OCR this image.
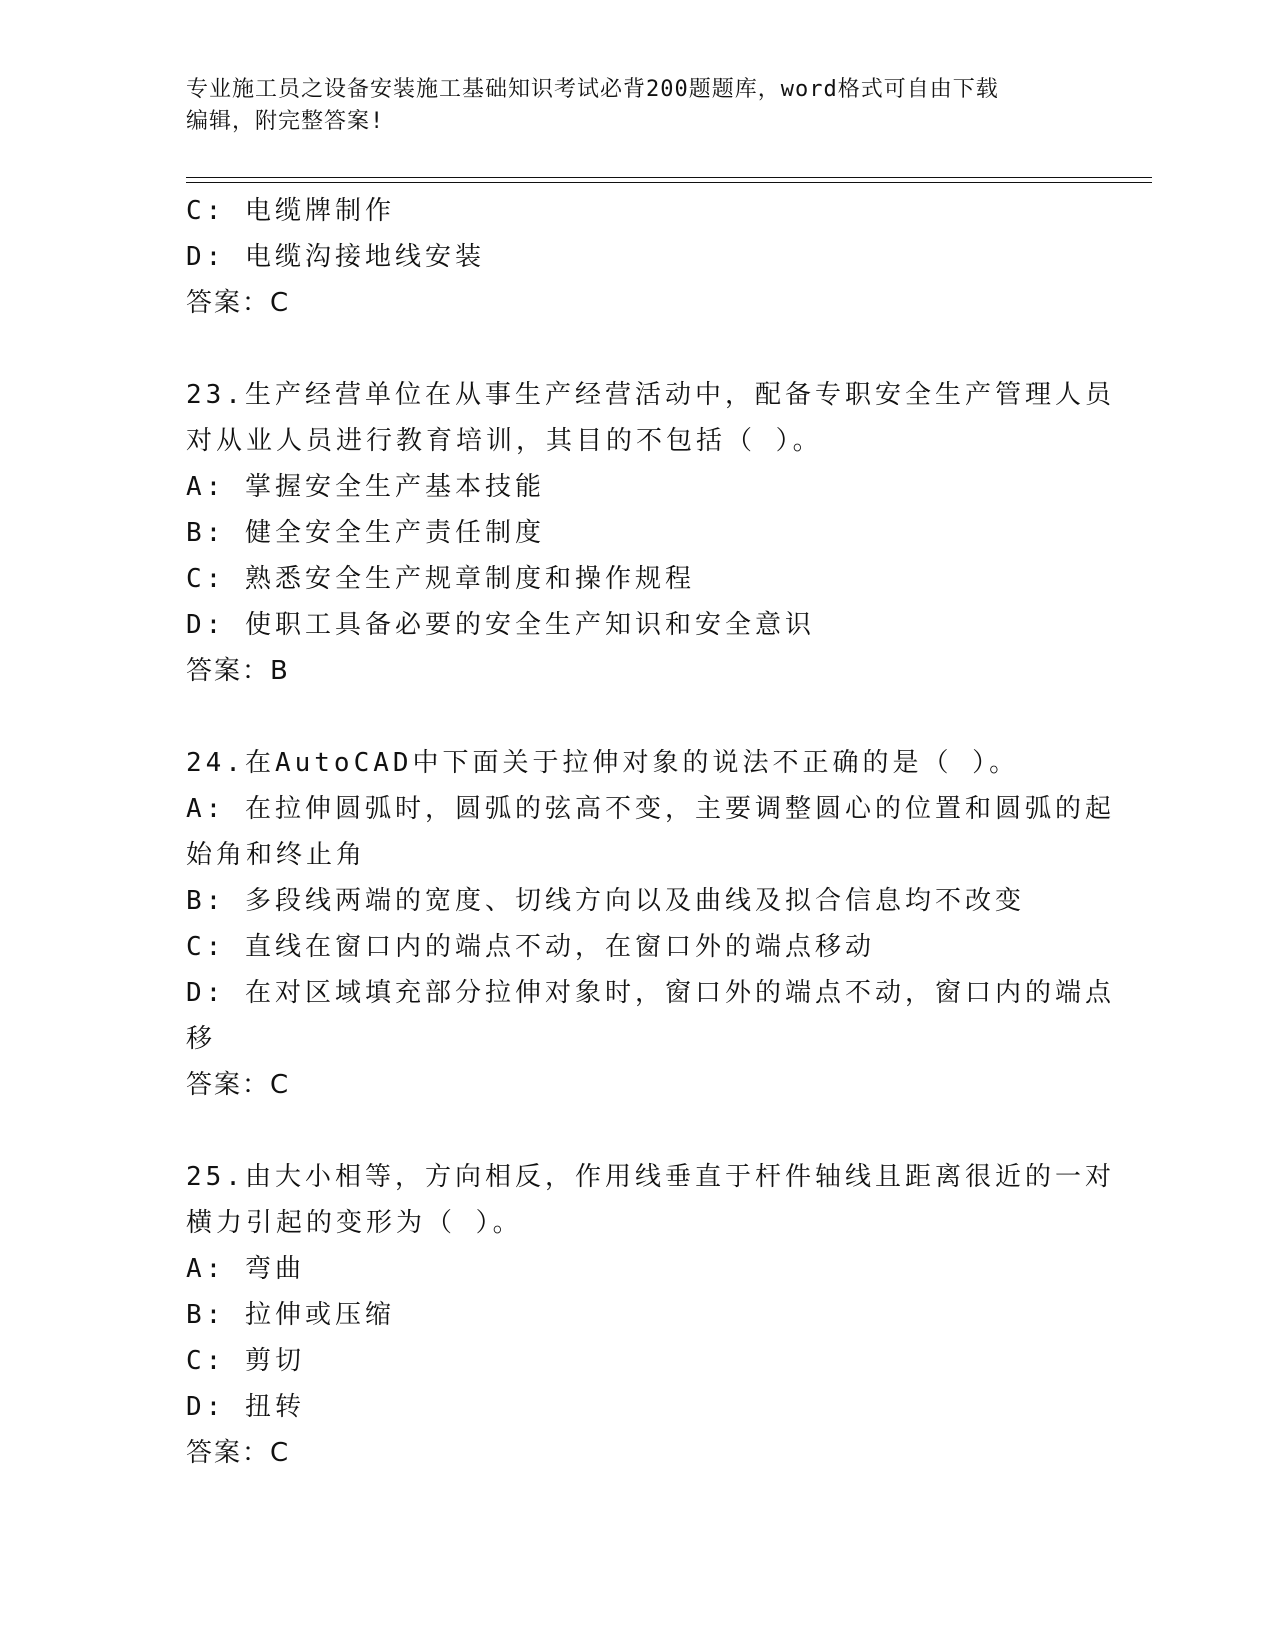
专业施工员之设备安装施工基础知识考试必背200题题库，word格式可自由下载
编辑，附完整答案!
C: 电缆牌制作
D: 电缆沟接地线安装
答案：C
23.生产经营单位在从事生产经营活动中，配备专职安全生产管理人员
对从业人员进行教育培训，其目的不包括（ ）。
A: 掌握安全生产基本技能
B: 健全安全生产责任制度
C: 熟悉安全生产规章制度和操作规程
D: 使职工具备必要的安全生产知识和安全意识
答案：B
24.在AutoCAD中下面关于拉伸对象的说法不正确的是（ ）。
A: 在拉伸圆弧时，圆弧的弦高不变，主要调整圆心的位置和圆弧的起
始角和终止角
B: 多段线两端的宽度、切线方向以及曲线及拟合信息均不改变
C: 直线在窗口内的端点不动，在窗口外的端点移动
D: 在对区域填充部分拉伸对象时，窗口外的端点不动，窗口内的端点
移
答案：C
25.由大小相等，方向相反，作用线垂直于杆件轴线且距离很近的一对
横力引起的变形为（ ）。
A: 弯曲
B: 拉伸或压缩
C: 剪切
D: 扭转
答案：C
